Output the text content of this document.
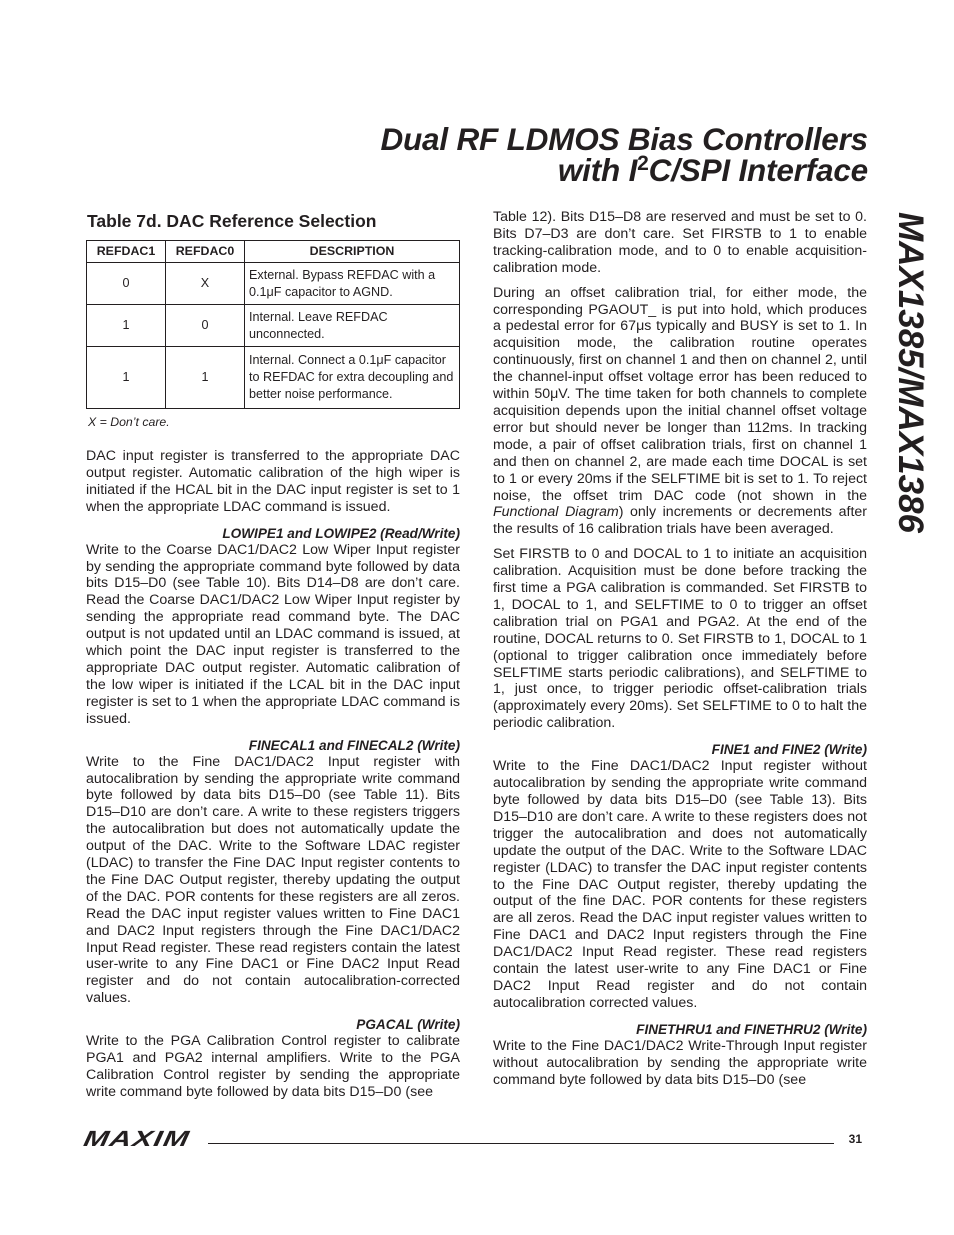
Dual RF LDMOS Bias Controllers
with $I^2C$/SPI Interface
MAX1385/MAX1386
Table 7d. DAC Reference Selection
REFDAC1	REFDAC0	DESCRIPTION
0	X	External. Bypass REFDAC with a 0.1μF capacitor to AGND.
1	0	Internal. Leave REFDAC unconnected.
1	1	Internal. Connect a 0.1μF capacitor to REFDAC for extra decoupling and better noise performance.
X = Don’t care.

DAC input register is transferred to the appropriate DAC output register. Automatic calibration of the high wiper is initiated if the HCAL bit in the DAC input register is set to 1 when the appropriate LDAC command is issued.

LOWIPE1 and LOWIPE2 (Read/Write)

Write to the Coarse DAC1/DAC2 Low Wiper Input register by sending the appropriate command byte followed by data bits D15–D0 (see Table 10). Bits D14–D8 are don’t care. Read the Coarse DAC1/DAC2 Low Wiper Input register by sending the appropriate read command byte. The DAC output is not updated until an LDAC command is issued, at which point the DAC input register is transferred to the appropriate DAC output register. Automatic calibration of the low wiper is initiated if the LCAL bit in the DAC input register is set to 1 when the appropriate LDAC command is issued.

FINECAL1 and FINECAL2 (Write)

Write to the Fine DAC1/DAC2 Input register with autocalibration by sending the appropriate write command byte followed by data bits D15–D0 (see Table 11). Bits D15–D10 are don’t care. A write to these registers triggers the autocalibration but does not automatically update the output of the DAC. Write to the Software LDAC register (LDAC) to transfer the Fine DAC Input register contents to the Fine DAC Output register, thereby updating the output of the DAC. POR contents for these registers are all zeros. Read the DAC input register values written to Fine DAC1 and DAC2 Input registers through the Fine DAC1/DAC2 Input Read register. These read registers contain the latest user-write to any Fine DAC1 or Fine DAC2 Input Read register and do not contain autocalibration-corrected values.

PGACAL (Write)

Write to the PGA Calibration Control register to calibrate PGA1 and PGA2 internal amplifiers. Write to the PGA Calibration Control register by sending the appropriate write command byte followed by data bits D15–D0 (see

Table 12). Bits D15–D8 are reserved and must be set to 0. Bits D7–D3 are don’t care. Set FIRSTB to 1 to enable tracking-calibration mode, and to 0 to enable acquisition-calibration mode.

During an offset calibration trial, for either mode, the corresponding PGAOUT_ is put into hold, which produces a pedestal error for 67μs typically and BUSY is set to 1. In acquisition mode, the calibration routine operates continuously, first on channel 1 and then on channel 2, until the channel-input offset voltage error has been reduced to within 50μV. The time taken for both channels to complete acquisition depends upon the initial channel offset voltage error but should never be longer than 112ms. In tracking mode, a pair of offset calibration trials, first on channel 1 and then on channel 2, are made each time DOCAL is set to 1 or every 20ms if the SELFTIME bit is set to 1. To reject noise, the offset trim DAC code (not shown in the Functional Diagram) only increments or decrements after the results of 16 calibration trials have been averaged.

Set FIRSTB to 0 and DOCAL to 1 to initiate an acquisition calibration. Acquisition must be done before tracking the first time a PGA calibration is commanded. Set FIRSTB to 1, DOCAL to 1, and SELFTIME to 0 to trigger an offset calibration trial on PGA1 and PGA2. At the end of the routine, DOCAL returns to 0. Set FIRSTB to 1, DOCAL to 1 (optional to trigger calibration once immediately before SELFTIME starts periodic calibrations), and SELFTIME to 1, just once, to trigger periodic offset-calibration trials (approximately every 20ms). Set SELFTIME to 0 to halt the periodic calibration.

FINE1 and FINE2 (Write)

Write to the Fine DAC1/DAC2 Input register without autocalibration by sending the appropriate write command byte followed by data bits D15–D0 (see Table 13). Bits D15–D10 are don’t care. A write to these registers does not trigger the autocalibration and does not automatically update the output of the DAC. Write to the Software LDAC register (LDAC) to transfer the DAC input register contents to the Fine DAC Output register, thereby updating the output of the fine DAC. POR contents for these registers are all zeros. Read the DAC input register values written to Fine DAC1 and DAC2 Input registers through the Fine DAC1/DAC2 Input Read register. These read registers contain the latest user-write to any Fine DAC1 or Fine DAC2 Input Read register and do not contain autocalibration corrected values.

FINETHRU1 and FINETHRU2 (Write)

Write to the Fine DAC1/DAC2 Write-Through Input register without autocalibration by sending the appropriate write command byte followed by data bits D15–D0 (see

MAXIM	31
